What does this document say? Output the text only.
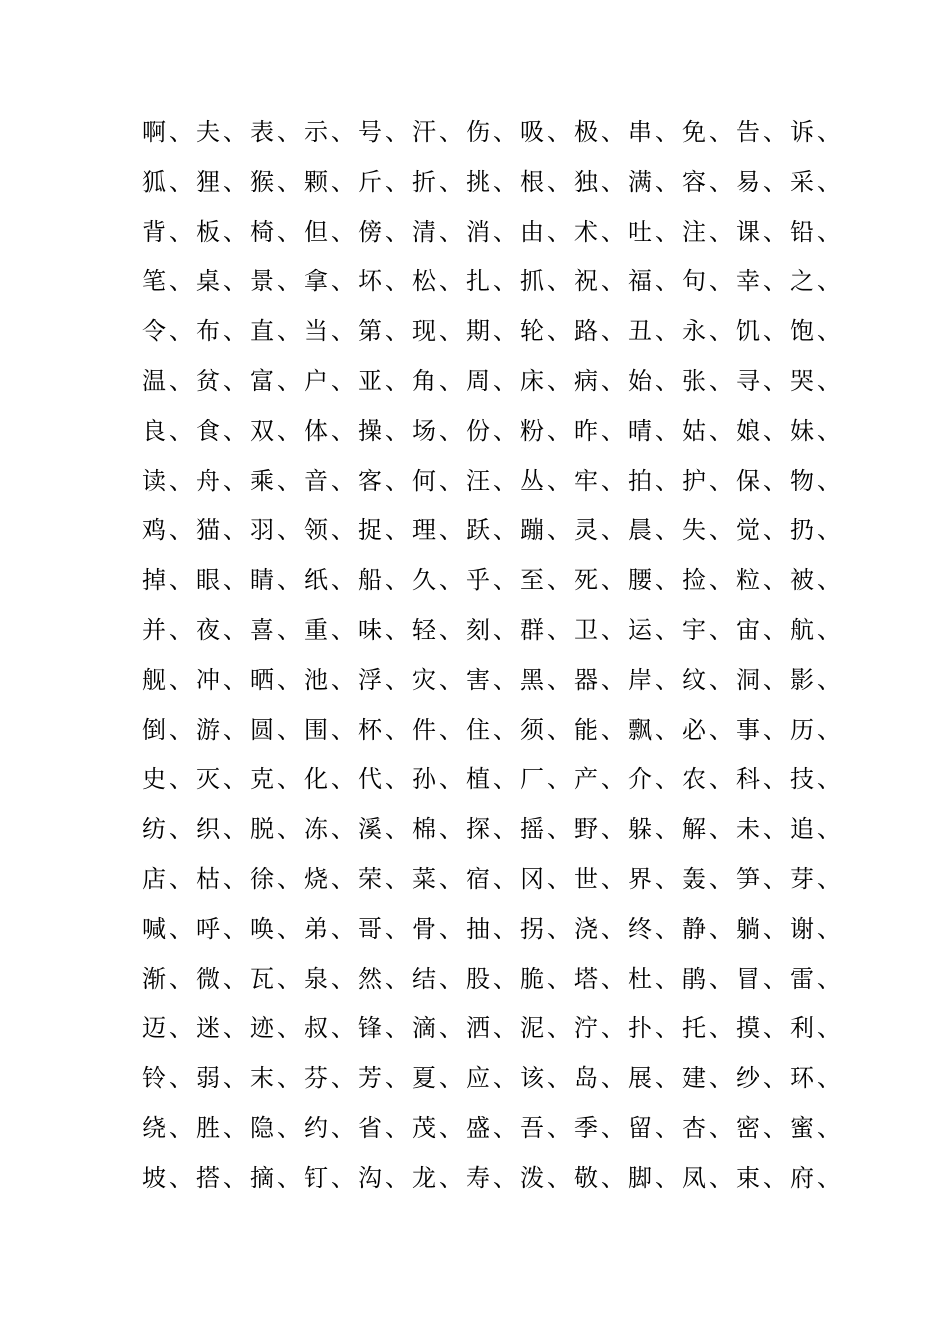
啊、夫、表、示、号、汗、伤、吸、极、串、免、告、诉、
狐、狸、猴、颗、斤、折、挑、根、独、满、容、易、采、
背、板、椅、但、傍、清、消、由、术、吐、注、课、铅、
笔、桌、景、拿、坏、松、扎、抓、祝、福、句、幸、之、
令、布、直、当、第、现、期、轮、路、丑、永、饥、饱、
温、贫、富、户、亚、角、周、床、病、始、张、寻、哭、
良、食、双、体、操、场、份、粉、昨、晴、姑、娘、妹、
读、舟、乘、音、客、何、汪、丛、牢、拍、护、保、物、
鸡、猫、羽、领、捉、理、跃、蹦、灵、晨、失、觉、扔、
掉、眼、睛、纸、船、久、乎、至、死、腰、捡、粒、被、
并、夜、喜、重、味、轻、刻、群、卫、运、宇、宙、航、
舰、冲、晒、池、浮、灾、害、黑、器、岸、纹、洞、影、
倒、游、圆、围、杯、件、住、须、能、飘、必、事、历、
史、灭、克、化、代、孙、植、厂、产、介、农、科、技、
纺、织、脱、冻、溪、棉、探、摇、野、躲、解、未、追、
店、枯、徐、烧、荣、菜、宿、冈、世、界、轰、笋、芽、
喊、呼、唤、弟、哥、骨、抽、拐、浇、终、静、躺、谢、
渐、微、瓦、泉、然、结、股、脆、塔、杜、鹃、冒、雷、
迈、迷、迹、叔、锋、滴、洒、泥、泞、扑、托、摸、利、
铃、弱、末、芬、芳、夏、应、该、岛、展、建、纱、环、
绕、胜、隐、约、省、茂、盛、吾、季、留、杏、密、蜜、
坡、搭、摘、钉、沟、龙、寿、泼、敬、脚、凤、束、府、
